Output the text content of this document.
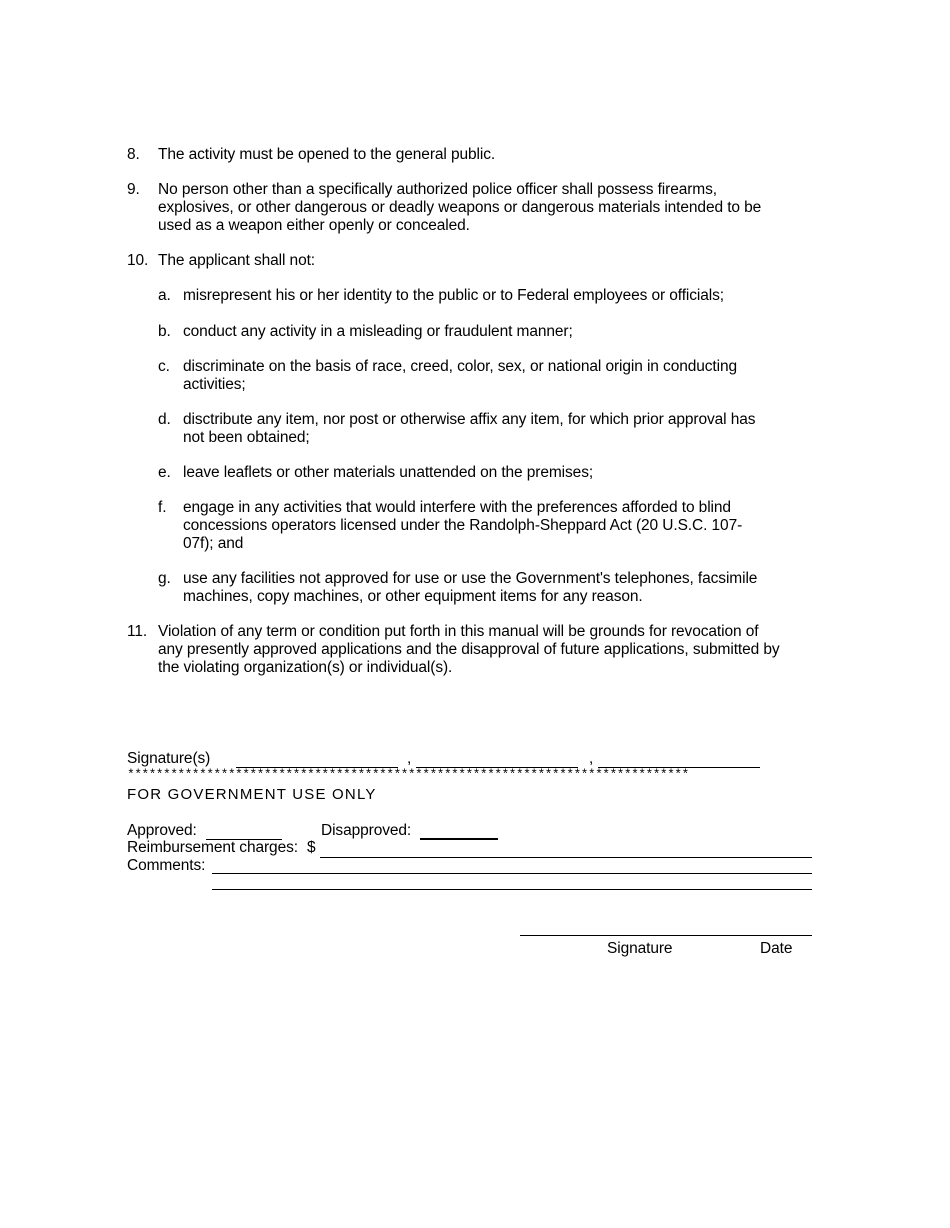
8. The activity must be opened to the general public.
9. No person other than a specifically authorized police officer shall possess firearms, explosives, or other dangerous or deadly weapons or dangerous materials intended to be used as a weapon either openly or concealed.
10. The applicant shall not:
a. misrepresent his or her identity to the public or to Federal employees or officials;
b. conduct any activity in a misleading or fraudulent manner;
c. discriminate on the basis of race, creed, color, sex, or national origin in conducting activities;
d. disctribute any item, nor post or otherwise affix any item, for which prior approval has not been obtained;
e. leave leaflets or other materials unattended on the premises;
f. engage in any activities that would interfere with the preferences afforded to blind concessions operators licensed under the Randolph-Sheppard Act (20 U.S.C. 107-07f); and
g. use any facilities not approved for use or use the Government's telephones, facsimile machines, copy machines, or other equipment items for any reason.
11. Violation of any term or condition put forth in this manual will be grounds for revocation of any presently approved applications and the disapproval of future applications, submitted by the violating organization(s) or individual(s).
Signature(s)	,	,
******************************************************************************
FOR GOVERNMENT USE ONLY
Approved:	Disapproved:
Reimbursement charges: $
Comments:
Signature	Date
